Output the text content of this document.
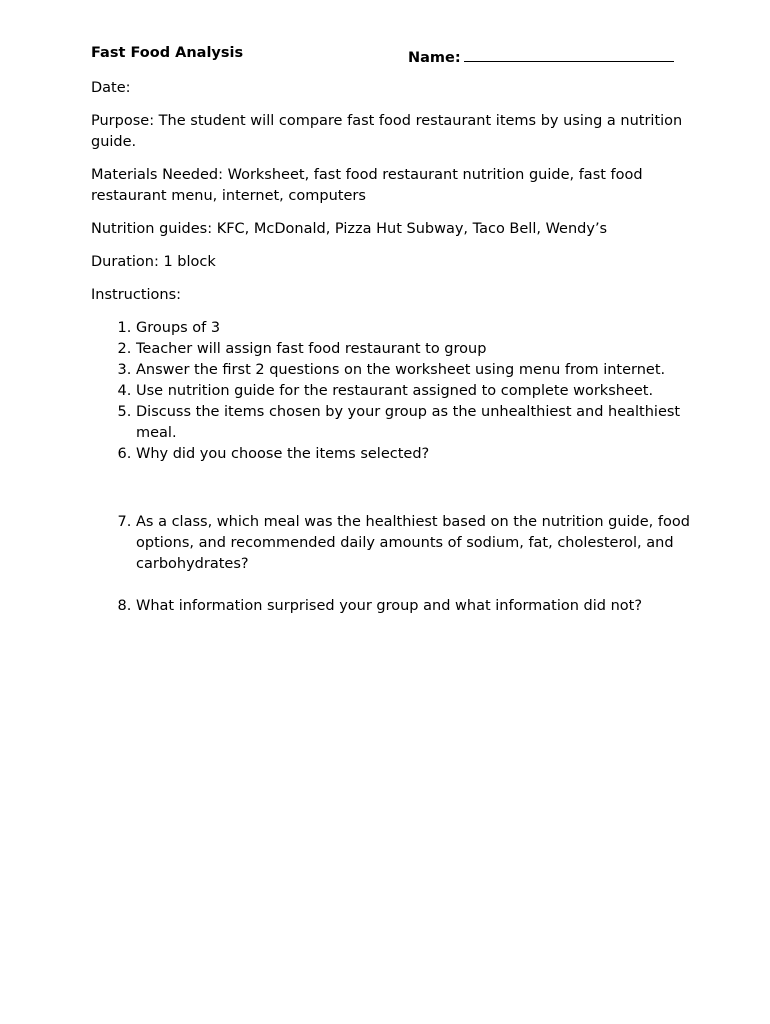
Fast Food Analysis	Name:

Date:

Purpose: The student will compare fast food restaurant items by using a nutrition guide.

Materials Needed: Worksheet, fast food restaurant nutrition guide, fast food restaurant menu, internet, computers

Nutrition guides: KFC, McDonald, Pizza Hut Subway, Taco Bell, Wendy’s

Duration: 1 block

Instructions:

1. Groups of 3
2. Teacher will assign fast food restaurant to group
3. Answer the first 2 questions on the worksheet using menu from internet.
4. Use nutrition guide for the restaurant assigned to complete worksheet.
5. Discuss the items chosen by your group as the unhealthiest and healthiest meal.
6. Why did you choose the items selected?
7. As a class, which meal was the healthiest based on the nutrition guide, food options, and recommended daily amounts of sodium, fat, cholesterol, and carbohydrates?
8. What information surprised your group and what information did not?
